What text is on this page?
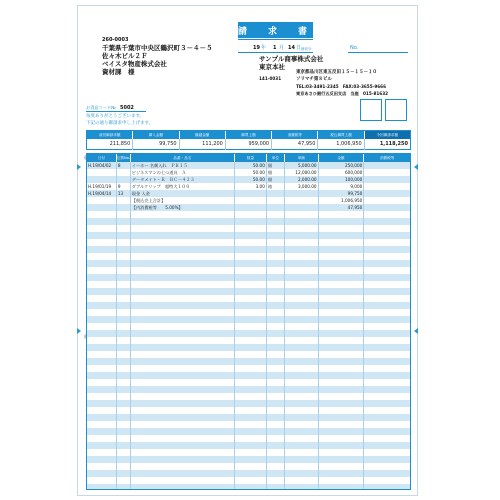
請　求　書
19 年 1 月 14 日 締切分	No.
260-0003
千葉県千葉市中央区鶴沢町３－４－５
佐々木ビル２Ｆ
ベイスタ物産株式会社
資材課　様
サンプル商事株式会社
東京本社
141-0031
東京都品川区東五反田１５－１５－１０
ソリマチ第８ビル
TEL:03-3491-2345　FAX:03-3655-9666
東京あさひ銀行五反田支店　当座　015-81632
お得意コード№ 5002
毎度ありがとうございます。
下記の通り御請求申し上げます。
前回御請求額	御入金額	繰越金額	御買上額	消費税等	税込御買上額	今回御請求額
211,850	99,750	111,200	959,000	47,950	1,006,950	1,118,250
日付	伝票No.	品番・品名	数量	単位	単価	金額	消費税等
H.19/04/02	8	イーホー 名刺入れ　ＰＫ１５	50.00 個	5,000.00	250,000
ビジネスマンの七つ道具　Ａ	50.00 個	12,000.00	600,000
データメイト・Ｒ　ＢＣ－４２３	50.00 個	2,000.00	100,000
H.19/01/19	9	ダブルクリップ　超特大１００	3.00 箱	3,000.00	9,000
H.19/04/14	13	現金 入金	99,750
【税込売上合計】	1,006,950
【内消費税等　　5.00%】	47,950
